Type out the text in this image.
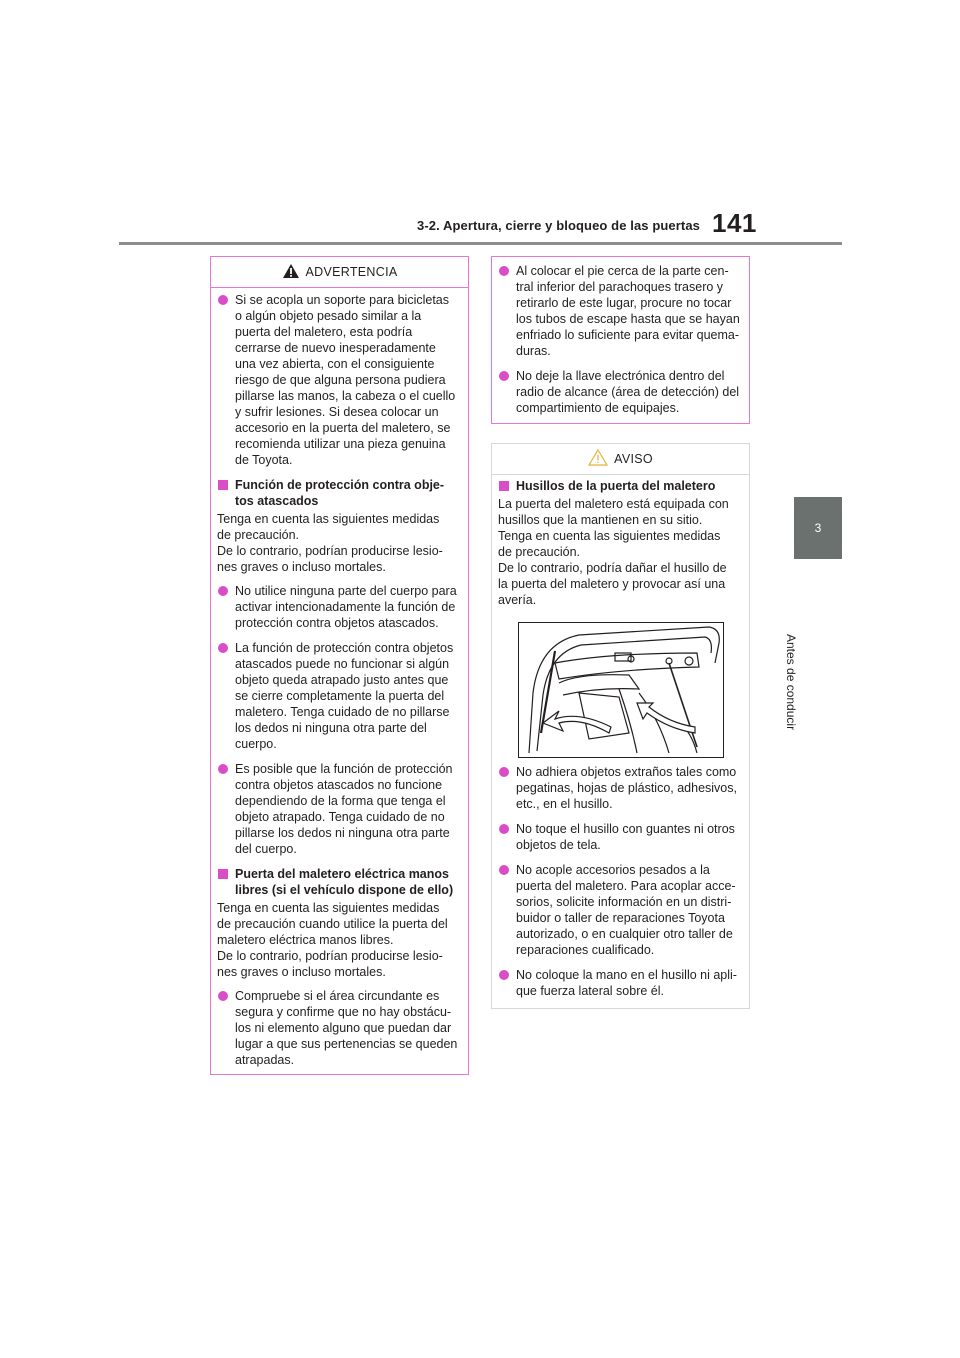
3-2. Apertura, cierre y bloqueo de las puertas 141
3
Antes de conducir
ADVERTENCIA
Si se acopla un soporte para bicicletas
o algún objeto pesado similar a la
puerta del maletero, esta podría
cerrarse de nuevo inesperadamente
una vez abierta, con el consiguiente
riesgo de que alguna persona pudiera
pillarse las manos, la cabeza o el cuello
y sufrir lesiones. Si desea colocar un
accesorio en la puerta del maletero, se
recomienda utilizar una pieza genuina
de Toyota.
Función de protección contra obje-
tos atascados
Tenga en cuenta las siguientes medidas
de precaución.
De lo contrario, podrían producirse lesio-
nes graves o incluso mortales.
No utilice ninguna parte del cuerpo para
activar intencionadamente la función de
protección contra objetos atascados.
La función de protección contra objetos
atascados puede no funcionar si algún
objeto queda atrapado justo antes que
se cierre completamente la puerta del
maletero. Tenga cuidado de no pillarse
los dedos ni ninguna otra parte del
cuerpo.
Es posible que la función de protección
contra objetos atascados no funcione
dependiendo de la forma que tenga el
objeto atrapado. Tenga cuidado de no
pillarse los dedos ni ninguna otra parte
del cuerpo.
Puerta del maletero eléctrica manos
libres (si el vehículo dispone de ello)
Tenga en cuenta las siguientes medidas
de precaución cuando utilice la puerta del
maletero eléctrica manos libres.
De lo contrario, podrían producirse lesio-
nes graves o incluso mortales.
Compruebe si el área circundante es
segura y confirme que no hay obstácu-
los ni elemento alguno que puedan dar
lugar a que sus pertenencias se queden
atrapadas.
Al colocar el pie cerca de la parte cen-
tral inferior del parachoques trasero y
retirarlo de este lugar, procure no tocar
los tubos de escape hasta que se hayan
enfriado lo suficiente para evitar quema-
duras.
No deje la llave electrónica dentro del
radio de alcance (área de detección) del
compartimiento de equipajes.
AVISO
Husillos de la puerta del maletero
La puerta del maletero está equipada con
husillos que la mantienen en su sitio.
Tenga en cuenta las siguientes medidas
de precaución.
De lo contrario, podría dañar el husillo de
la puerta del maletero y provocar así una
avería.
No adhiera objetos extraños tales como
pegatinas, hojas de plástico, adhesivos,
etc., en el husillo.
No toque el husillo con guantes ni otros
objetos de tela.
No acople accesorios pesados a la
puerta del maletero. Para acoplar acce-
sorios, solicite información en un distri-
buidor o taller de reparaciones Toyota
autorizado, o en cualquier otro taller de
reparaciones cualificado.
No coloque la mano en el husillo ni apli-
que fuerza lateral sobre él.
